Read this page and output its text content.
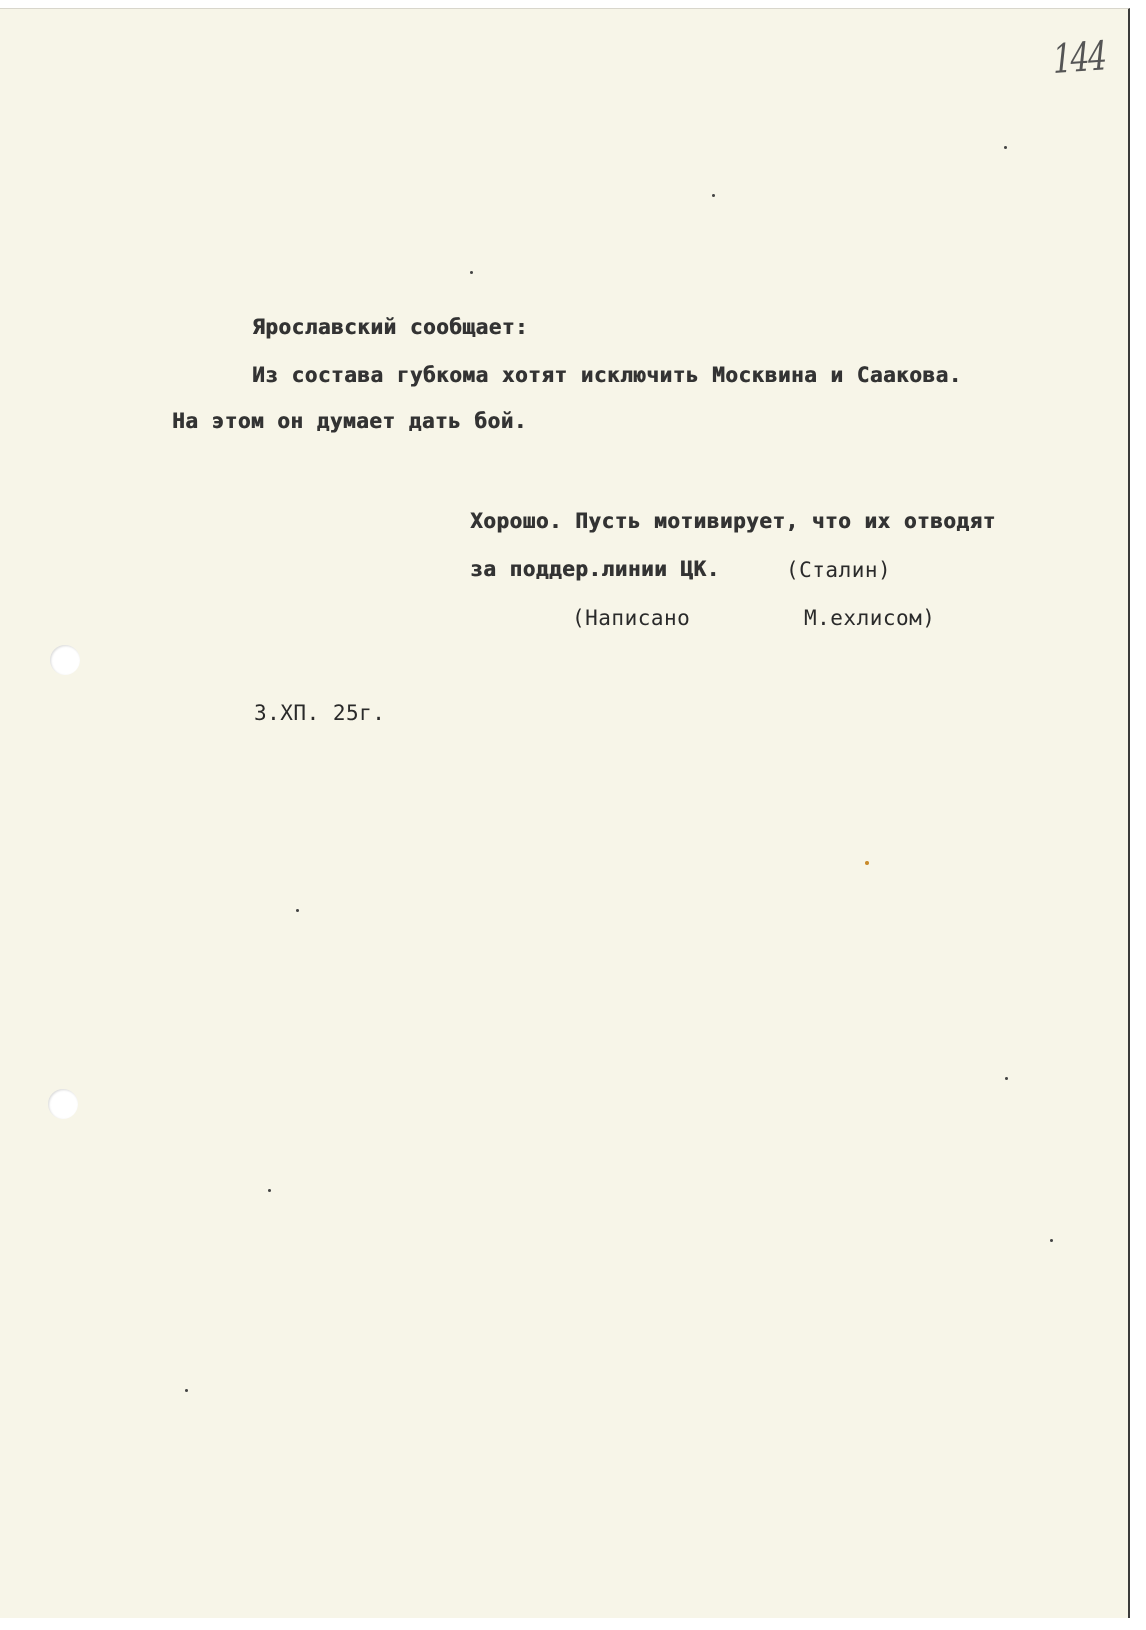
144
Ярославский сообщает:
Из состава губкома хотят исключить Москвина и Саакова.
На этом он думает дать бой.
Хорошо. Пусть мотивирует, что их отводят
за поддер.линии ЦК.	(Сталин)
(Написано	М.ехлисом)
З.ХП. 25г.
